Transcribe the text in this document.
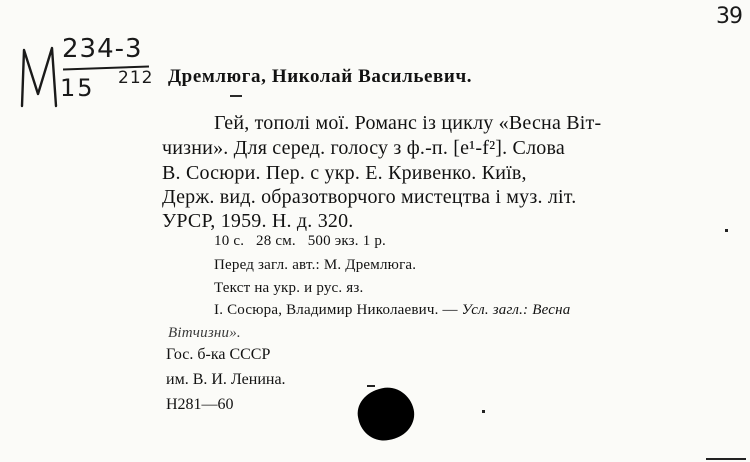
39
234-3
15 212 Дремлюга, Николай Васильевич.
Гей, тополі мої. Романс із циклу «Весна Віт-
чизни». Для серед. голосу з ф.-п. [e¹-f²]. Слова
В. Сосюри. Пер. с укр. Е. Кривенко. Київ,
Держ. вид. образотворчого мистецтва і муз. літ.
УРСР, 1959. Н. д. 320.
10 с.   28 см.   500 экз. 1 р.
Перед загл. авт.: М. Дремлюга.
Текст на укр. и рус. яз.
I. Сосюра, Владимир Николаевич. — Усл. загл.: Весна
Вітчизни».
Гос. б-ка СССР
им. В. И. Ленина.
Н281—60
